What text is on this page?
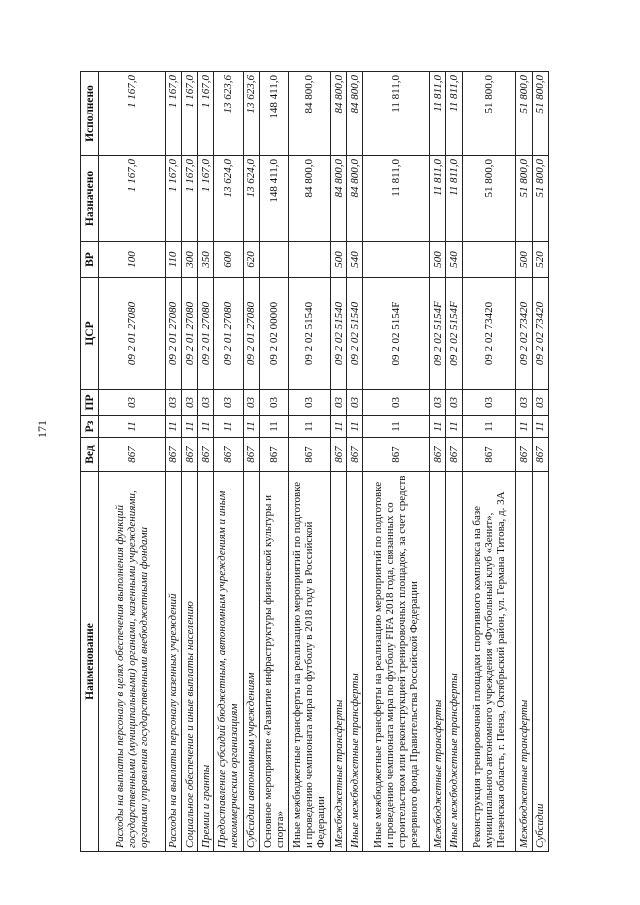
171
Наименование	Вед	Рз	ПР	ЦСР	ВР	Назначено	Исполнено
Расходы на выплаты персоналу в целях обеспечения выполнения функций государственными (муниципальными) органами, казенными учреждениями, органами управления государственными внебюджетными фондами	867	11	03	09 2 01 27080	100	1 167,0	1 167,0
Расходы на выплаты персоналу казенных учреждений	867	11	03	09 2 01 27080	110	1 167,0	1 167,0
Социальное обеспечение и иные выплаты населению	867	11	03	09 2 01 27080	300	1 167,0	1 167,0
Премии и гранты	867	11	03	09 2 01 27080	350	1 167,0	1 167,0
Предоставление субсидий бюджетным, автономным учреждениям и иным некоммерческим организациям	867	11	03	09 2 01 27080	600	13 624,0	13 623,6
Субсидии автономным учреждениям	867	11	03	09 2 01 27080	620	13 624,0	13 623,6
Основное мероприятие «Развитие инфраструктуры физической культуры и спорта»	867	11	03	09 2 02 00000		148 411,0	148 411,0
Иные межбюджетные трансферты на реализацию мероприятий по подготовке и проведению чемпионата мира по футболу в 2018 году в Российской Федерации	867	11	03	09 2 02 51540		84 800,0	84 800,0
Межбюджетные трансферты	867	11	03	09 2 02 51540	500	84 800,0	84 800,0
Иные межбюджетные трансферты	867	11	03	09 2 02 51540	540	84 800,0	84 800,0
Иные межбюджетные трансферты на реализацию мероприятий по подготовке и проведению чемпионата мира по футболу FIFA 2018 года, связанных со строительством или реконструкцией тренировочных площадок, за счет средств резервного фонда Правительства Российской Федерации	867	11	03	09 2 02 5154F		11 811,0	11 811,0
Межбюджетные трансферты	867	11	03	09 2 02 5154F	500	11 811,0	11 811,0
Иные межбюджетные трансферты	867	11	03	09 2 02 5154F	540	11 811,0	11 811,0
Реконструкция тренировочной площадки спортивного комплекса на базе муниципального автономного учреждения «Футбольный клуб «Зенит», Пензенская область, г. Пенза, Октябрьский район, ул. Германа Титова, д. 3А	867	11	03	09 2 02 73420		51 800,0	51 800,0
Межбюджетные трансферты	867	11	03	09 2 02 73420	500	51 800,0	51 800,0
Субсидии	867	11	03	09 2 02 73420	520	51 800,0	51 800,0
